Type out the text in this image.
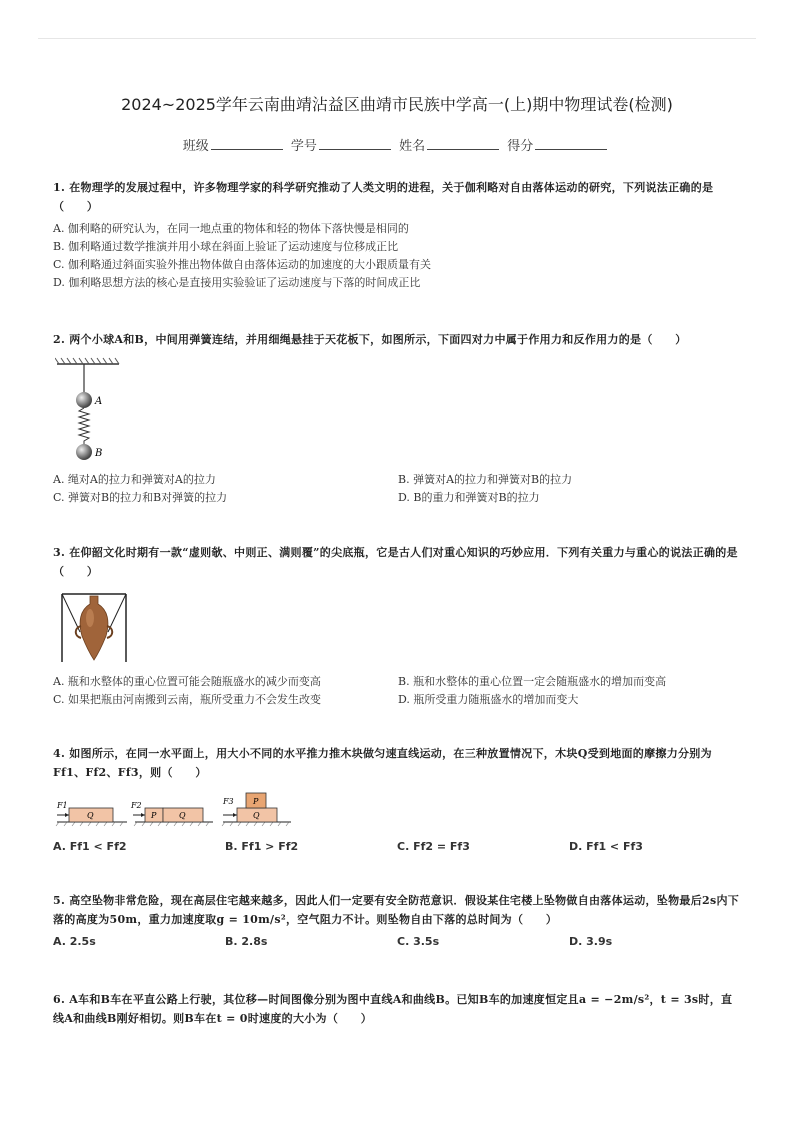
2024~2025学年云南曲靖沾益区曲靖市民族中学高一(上)期中物理试卷(检测)
班级	学号	姓名	得分
1. 在物理学的发展过程中，许多物理学家的科学研究推动了人类文明的进程，关于伽利略对自由落体运动的研究，下列说法正确的是（　　）
A. 伽利略的研究认为，在同一地点重的物体和轻的物体下落快慢是相同的
B. 伽利略通过数学推演并用小球在斜面上验证了运动速度与位移成正比
C. 伽利略通过斜面实验外推出物体做自由落体运动的加速度的大小跟质量有关
D. 伽利略思想方法的核心是直接用实验验证了运动速度与下落的时间成正比
2. 两个小球A和B，中间用弹簧连结，并用细绳悬挂于天花板下，如图所示，下面四对力中属于作用力和反作用力的是（　　）
A
B
A. 绳对A的拉力和弹簧对A的拉力	B. 弹簧对A的拉力和弹簧对B的拉力
C. 弹簧对B的拉力和B对弹簧的拉力	D. B的重力和弹簧对B的拉力
3. 在仰韶文化时期有一款“虚则欹、中则正、满则覆”的尖底瓶，它是古人们对重心知识的巧妙应用．下列有关重力与重心的说法正确的是（　　）
A. 瓶和水整体的重心位置可能会随瓶盛水的减少而变高	B. 瓶和水整体的重心位置一定会随瓶盛水的增加而变高
C. 如果把瓶由河南搬到云南，瓶所受重力不会发生改变	D. 瓶所受重力随瓶盛水的增加而变大
4. 如图所示，在同一水平面上，用大小不同的水平推力推木块做匀速直线运动，在三种放置情况下，木块Q受到地面的摩擦力分别为Ff1、Ff2、Ff3，则（　　）
Q
F1
P	Q
F2
Q
P
F3
A. Ff1 < Ff2	B. Ff1 > Ff2	C. Ff2 = Ff3	D. Ff1 < Ff3
5. 高空坠物非常危险，现在高层住宅越来越多，因此人们一定要有安全防范意识．假设某住宅楼上坠物做自由落体运动，坠物最后2s内下落的高度为50m，重力加速度取g = 10m/s²，空气阻力不计。则坠物自由下落的总时间为（　　）
A. 2.5s	B. 2.8s	C. 3.5s	D. 3.9s
6. A车和B车在平直公路上行驶，其位移—时间图像分别为图中直线A和曲线B。已知B车的加速度恒定且a = −2m/s²，t = 3s时，直线A和曲线B刚好相切。则B车在t = 0时速度的大小为（　　）
